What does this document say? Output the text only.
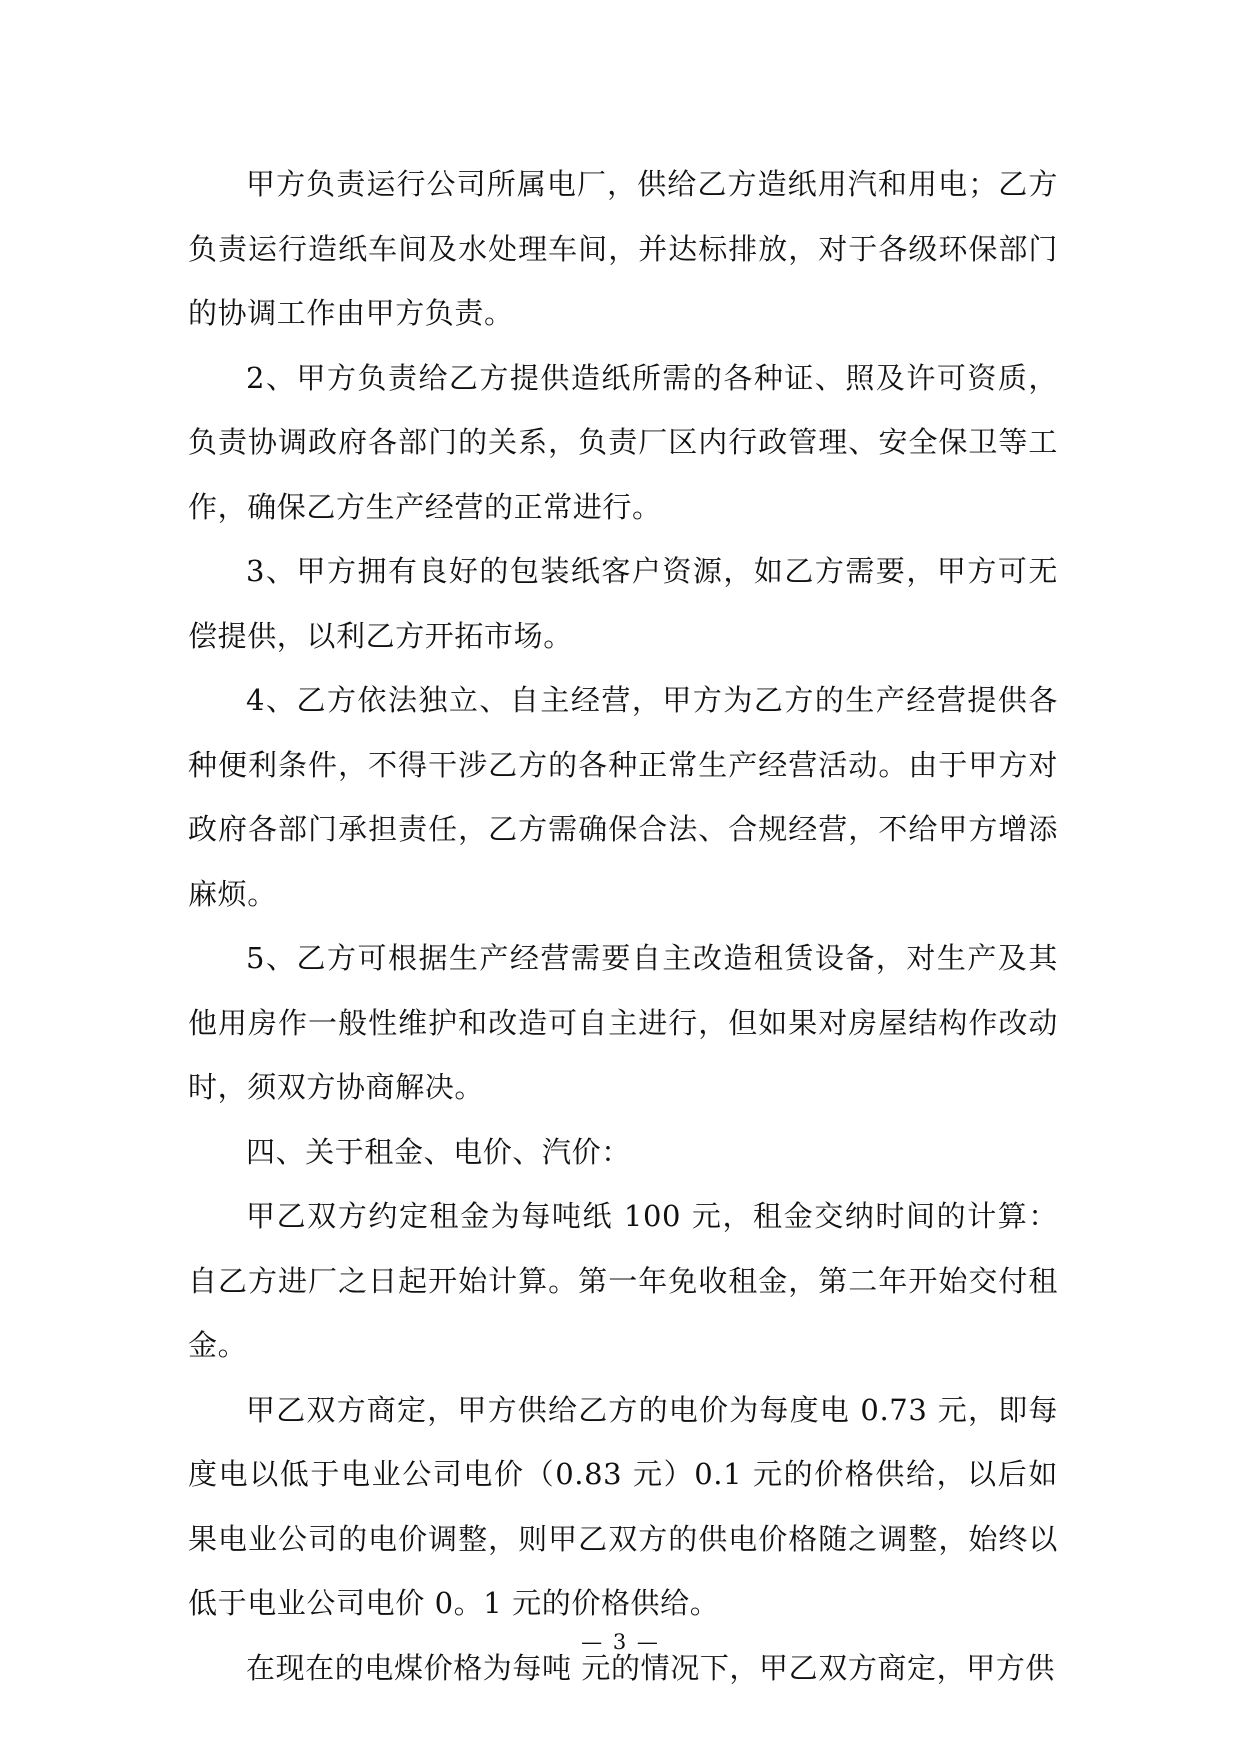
甲方负责运行公司所属电厂，供给乙方造纸用汽和用电；乙方负责运行造纸车间及水处理车间，并达标排放，对于各级环保部门的协调工作由甲方负责。

2、甲方负责给乙方提供造纸所需的各种证、照及许可资质，负责协调政府各部门的关系，负责厂区内行政管理、安全保卫等工作，确保乙方生产经营的正常进行。

3、甲方拥有良好的包装纸客户资源，如乙方需要，甲方可无偿提供，以利乙方开拓市场。

4、乙方依法独立、自主经营，甲方为乙方的生产经营提供各种便利条件，不得干涉乙方的各种正常生产经营活动。由于甲方对政府各部门承担责任，乙方需确保合法、合规经营，不给甲方增添麻烦。

5、乙方可根据生产经营需要自主改造租赁设备，对生产及其他用房作一般性维护和改造可自主进行，但如果对房屋结构作改动时，须双方协商解决。

四、关于租金、电价、汽价：

甲乙双方约定租金为每吨纸 100 元，租金交纳时间的计算：自乙方进厂之日起开始计算。第一年免收租金，第二年开始交付租金。

甲乙双方商定，甲方供给乙方的电价为每度电 0.73 元，即每度电以低于电业公司电价（0.83 元）0.1 元的价格供给，以后如果电业公司的电价调整，则甲乙双方的供电价格随之调整，始终以低于电业公司电价 0。1 元的价格供给。

在现在的电煤价格为每吨 元的情况下，甲乙双方商定，甲方供

— 3 —
